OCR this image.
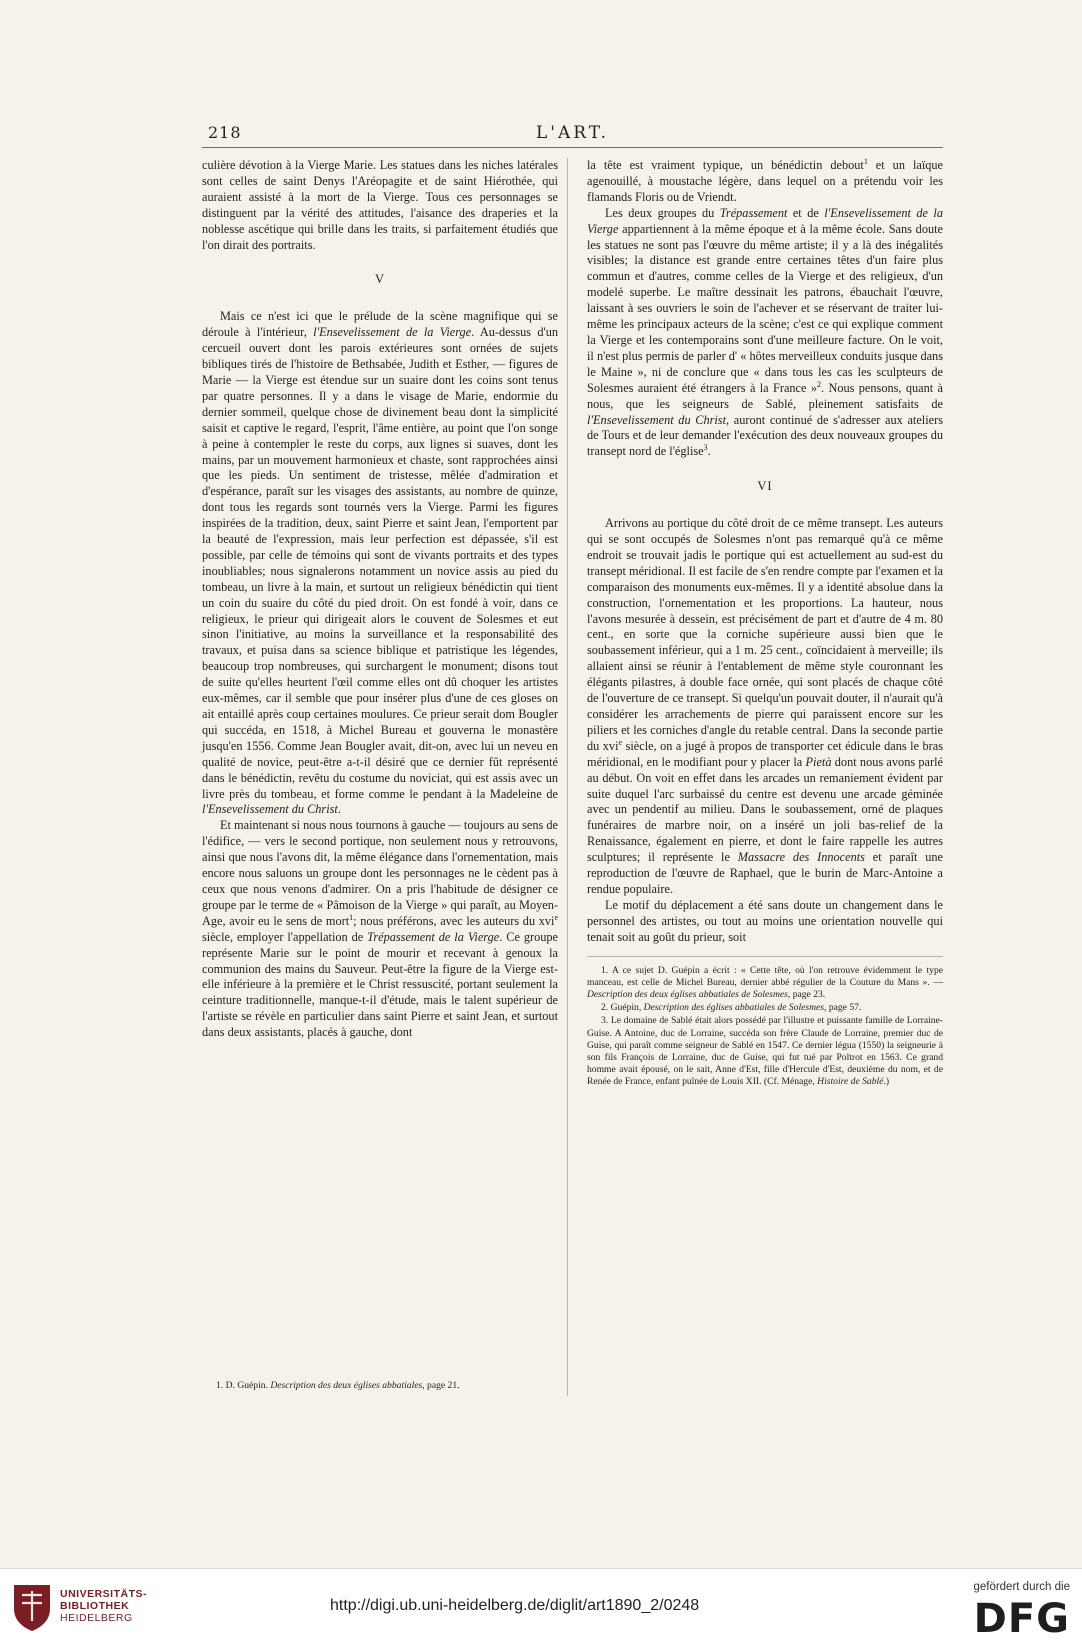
218	L'ART.

culière dévotion à la Vierge Marie. Les statues dans les niches latérales sont celles de saint Denys l'Aréopagite et de saint Hiérothée, qui auraient assisté à la mort de la Vierge. Tous ces personnages se distinguent par la vérité des attitudes, l'aisance des draperies et la noblesse ascétique qui brille dans les traits, si parfaitement étudiés que l'on dirait des portraits.

V

Mais ce n'est ici que le prélude de la scène magnifique qui se déroule à l'intérieur, l'Ensevelissement de la Vierge. Au-dessus d'un cercueil ouvert dont les parois extérieures sont ornées de sujets bibliques tirés de l'histoire de Bethsabée, Judith et Esther, — figures de Marie — la Vierge est étendue sur un suaire dont les coins sont tenus par quatre personnes. Il y a dans le visage de Marie, endormie du dernier sommeil, quelque chose de divinement beau dont la simplicité saisit et captive le regard, l'esprit, l'âme entière, au point que l'on songe à peine à contempler le reste du corps, aux lignes si suaves, dont les mains, par un mouvement harmonieux et chaste, sont rapprochées ainsi que les pieds. Un sentiment de tristesse, mêlée d'admiration et d'espérance, paraît sur les visages des assistants, au nombre de quinze, dont tous les regards sont tournés vers la Vierge. Parmi les figures inspirées de la tradition, deux, saint Pierre et saint Jean, l'emportent par la beauté de l'expression, mais leur perfection est dépassée, s'il est possible, par celle de témoins qui sont de vivants portraits et des types inoubliables; nous signalerons notamment un novice assis au pied du tombeau, un livre à la main, et surtout un religieux bénédictin qui tient un coin du suaire du côté du pied droit. On est fondé à voir, dans ce religieux, le prieur qui dirigeait alors le couvent de Solesmes et eut sinon l'initiative, au moins la surveillance et la responsabilité des travaux, et puisa dans sa science biblique et patristique les légendes, beaucoup trop nombreuses, qui surchargent le monument; disons tout de suite qu'elles heurtent l'œil comme elles ont dû choquer les artistes eux-mêmes, car il semble que pour insérer plus d'une de ces gloses on ait entaillé après coup certaines moulures. Ce prieur serait dom Bougler qui succéda, en 1518, à Michel Bureau et gouverna le monastère jusqu'en 1556. Comme Jean Bougler avait, dit-on, avec lui un neveu en qualité de novice, peut-être a-t-il désiré que ce dernier fût représenté dans le bénédictin, revêtu du costume du noviciat, qui est assis avec un livre près du tombeau, et forme comme le pendant à la Madeleine de l'Ensevelissement du Christ.

Et maintenant si nous nous tournons à gauche — toujours au sens de l'édifice, — vers le second portique, non seulement nous y retrouvons, ainsi que nous l'avons dit, la même élégance dans l'ornementation, mais encore nous saluons un groupe dont les personnages ne le cèdent pas à ceux que nous venons d'admirer. On a pris l'habitude de désigner ce groupe par le terme de « Pâmoison de la Vierge » qui paraît, au Moyen-Age, avoir eu le sens de mort$^1$; nous préférons, avec les auteurs du xvi$^e$ siècle, employer l'appellation de Trépassement de la Vierge. Ce groupe représente Marie sur le point de mourir et recevant à genoux la communion des mains du Sauveur. Peut-être la figure de la Vierge est-elle inférieure à la première et le Christ ressuscité, portant seulement la ceinture traditionnelle, manque-t-il d'étude, mais le talent supérieur de l'artiste se révèle en particulier dans saint Pierre et saint Jean, et surtout dans deux assistants, placés à gauche, dont

1. D. Guépin. Description des deux églises abbatiales, page 21.

la tête est vraiment typique, un bénédictin debout$^1$ et un laïque agenouillé, à moustache légère, dans lequel on a prétendu voir les flamands Floris ou de Vriendt.

Les deux groupes du Trépassement et de l'Ensevelissement de la Vierge appartiennent à la même époque et à la même école. Sans doute les statues ne sont pas l'œuvre du même artiste; il y a là des inégalités visibles; la distance est grande entre certaines têtes d'un faire plus commun et d'autres, comme celles de la Vierge et des religieux, d'un modelé superbe. Le maître dessinait les patrons, ébauchait l'œuvre, laissant à ses ouvriers le soin de l'achever et se réservant de traiter lui-même les principaux acteurs de la scène; c'est ce qui explique comment la Vierge et les contemporains sont d'une meilleure facture. On le voit, il n'est plus permis de parler d' « hôtes merveilleux conduits jusque dans le Maine », ni de conclure que « dans tous les cas les sculpteurs de Solesmes auraient été étrangers à la France »$^2$. Nous pensons, quant à nous, que les seigneurs de Sablé, pleinement satisfaits de l'Ensevelissement du Christ, auront continué de s'adresser aux ateliers de Tours et de leur demander l'exécution des deux nouveaux groupes du transept nord de l'église$^3$.

VI

Arrivons au portique du côté droit de ce même transept. Les auteurs qui se sont occupés de Solesmes n'ont pas remarqué qu'à ce même endroit se trouvait jadis le portique qui est actuellement au sud-est du transept méridional. Il est facile de s'en rendre compte par l'examen et la comparaison des monuments eux-mêmes. Il y a identité absolue dans la construction, l'ornementation et les proportions. La hauteur, nous l'avons mesurée à dessein, est précisément de part et d'autre de 4 m. 80 cent., en sorte que la corniche supérieure aussi bien que le soubassement inférieur, qui a 1 m. 25 cent., coïncidaient à merveille; ils allaient ainsi se réunir à l'entablement de même style couronnant les élégants pilastres, à double face ornée, qui sont placés de chaque côté de l'ouverture de ce transept. Si quelqu'un pouvait douter, il n'aurait qu'à considérer les arrachements de pierre qui paraissent encore sur les piliers et les corniches d'angle du retable central. Dans la seconde partie du xvi$^e$ siècle, on a jugé à propos de transporter cet édicule dans le bras méridional, en le modifiant pour y placer la Pietà dont nous avons parlé au début. On voit en effet dans les arcades un remaniement évident par suite duquel l'arc surbaissé du centre est devenu une arcade géminée avec un pendentif au milieu. Dans le soubassement, orné de plaques funéraires de marbre noir, on a inséré un joli bas-relief de la Renaissance, également en pierre, et dont le faire rappelle les autres sculptures; il représente le Massacre des Innocents et paraît une reproduction de l'œuvre de Raphael, que le burin de Marc-Antoine a rendue populaire.

Le motif du déplacement a été sans doute un changement dans le personnel des artistes, ou tout au moins une orientation nouvelle qui tenait soit au goût du prieur, soit

1. A ce sujet D. Guépin a écrit : « Cette tête, où l'on retrouve évidemment le type manceau, est celle de Michel Bureau, dernier abbé régulier de la Couture du Mans ». — Description des deux églises abbatiales de Solesmes, page 23.

2. Guépin, Description des églises abbatiales de Solesmes, page 57.

3. Le domaine de Sablé était alors possédé par l'illustre et puissante famille de Lorraine-Guise. A Antoine, duc de Lorraine, succéda son frère Claude de Lorraine, premier duc de Guise, qui paraît comme seigneur de Sablé en 1547. Ce dernier légua (1550) la seigneurie à son fils François de Lorraine, duc de Guise, qui fut tué par Poltrot en 1563. Ce grand homme avait épousé, on le sait, Anne d'Est, fille d'Hercule d'Est, deuxième du nom, et de Renée de France, enfant puînée de Louis XII. (Cf. Ménage, Histoire de Sablé.)

UNIVERSITÄTS-
BIBLIOTHEK
HEIDELBERG
http://digi.ub.uni-heidelberg.de/diglit/art1890_2/0248
gefördert durch die
DFG
